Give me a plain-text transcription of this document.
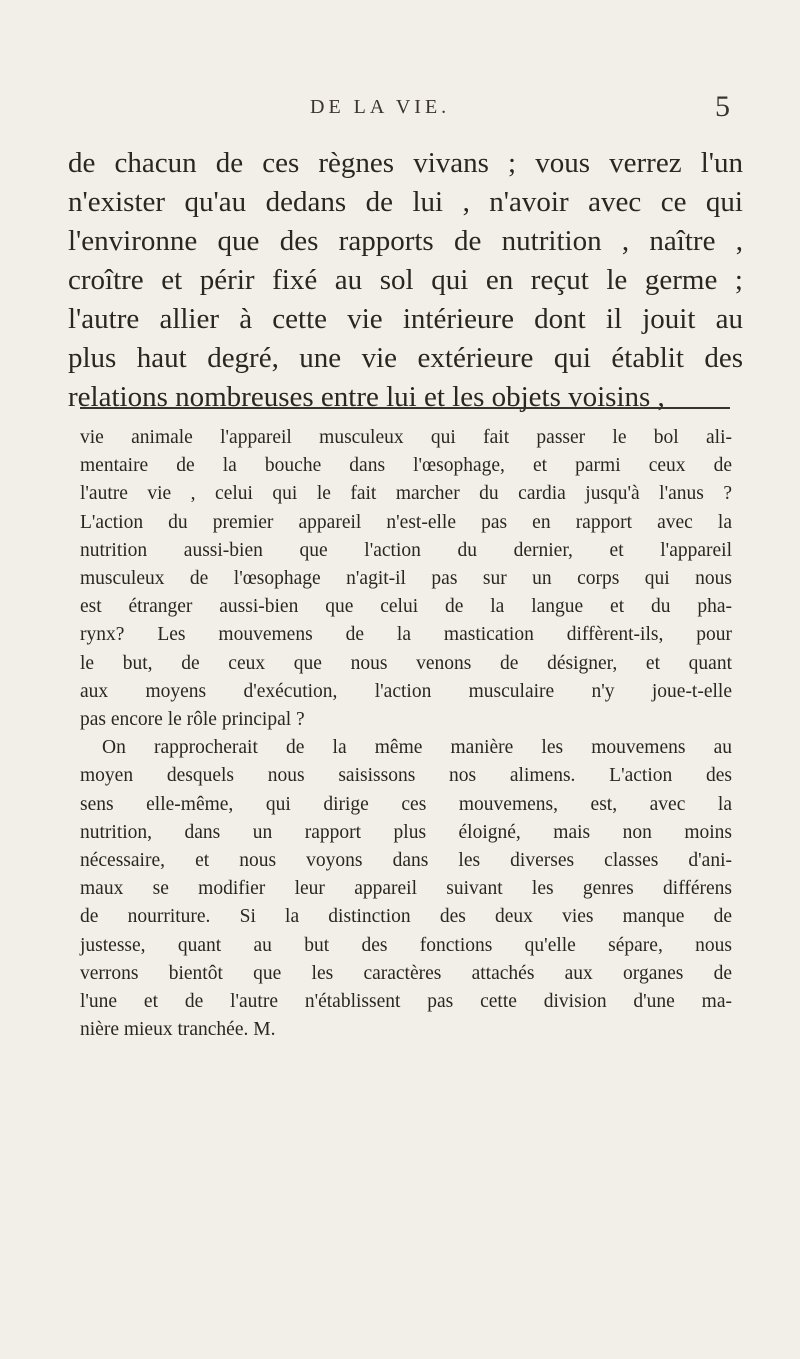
DE LA VIE.	5
de chacun de ces règnes vivans ; vous verrez l'un
n'exister qu'au dedans de lui , n'avoir avec ce qui
l'environne que des rapports de nutrition , naître ,
croître et périr fixé au sol qui en reçut le germe ;
l'autre allier à cette vie intérieure dont il jouit au
plus haut degré, une vie extérieure qui établit des
relations nombreuses entre lui et les objets voisins ,
vie animale l'appareil musculeux qui fait passer le bol ali-
mentaire de la bouche dans l'œsophage, et parmi ceux de
l'autre vie , celui qui le fait marcher du cardia jusqu'à l'anus ?
L'action du premier appareil n'est-elle pas en rapport avec la
nutrition aussi-bien que l'action du dernier, et l'appareil
musculeux de l'œsophage n'agit-il pas sur un corps qui nous
est étranger aussi-bien que celui de la langue et du pha-
rynx? Les mouvemens de la mastication diffèrent-ils, pour
le but, de ceux que nous venons de désigner, et quant
aux moyens d'exécution, l'action musculaire n'y joue-t-elle
pas encore le rôle principal ?
On rapprocherait de la même manière les mouvemens au
moyen desquels nous saisissons nos alimens. L'action des
sens elle-même, qui dirige ces mouvemens, est, avec la
nutrition, dans un rapport plus éloigné, mais non moins
nécessaire, et nous voyons dans les diverses classes d'ani-
maux se modifier leur appareil suivant les genres différens
de nourriture. Si la distinction des deux vies manque de
justesse, quant au but des fonctions qu'elle sépare, nous
verrons bientôt que les caractères attachés aux organes de
l'une et de l'autre n'établissent pas cette division d'une ma-
nière mieux tranchée. M.
